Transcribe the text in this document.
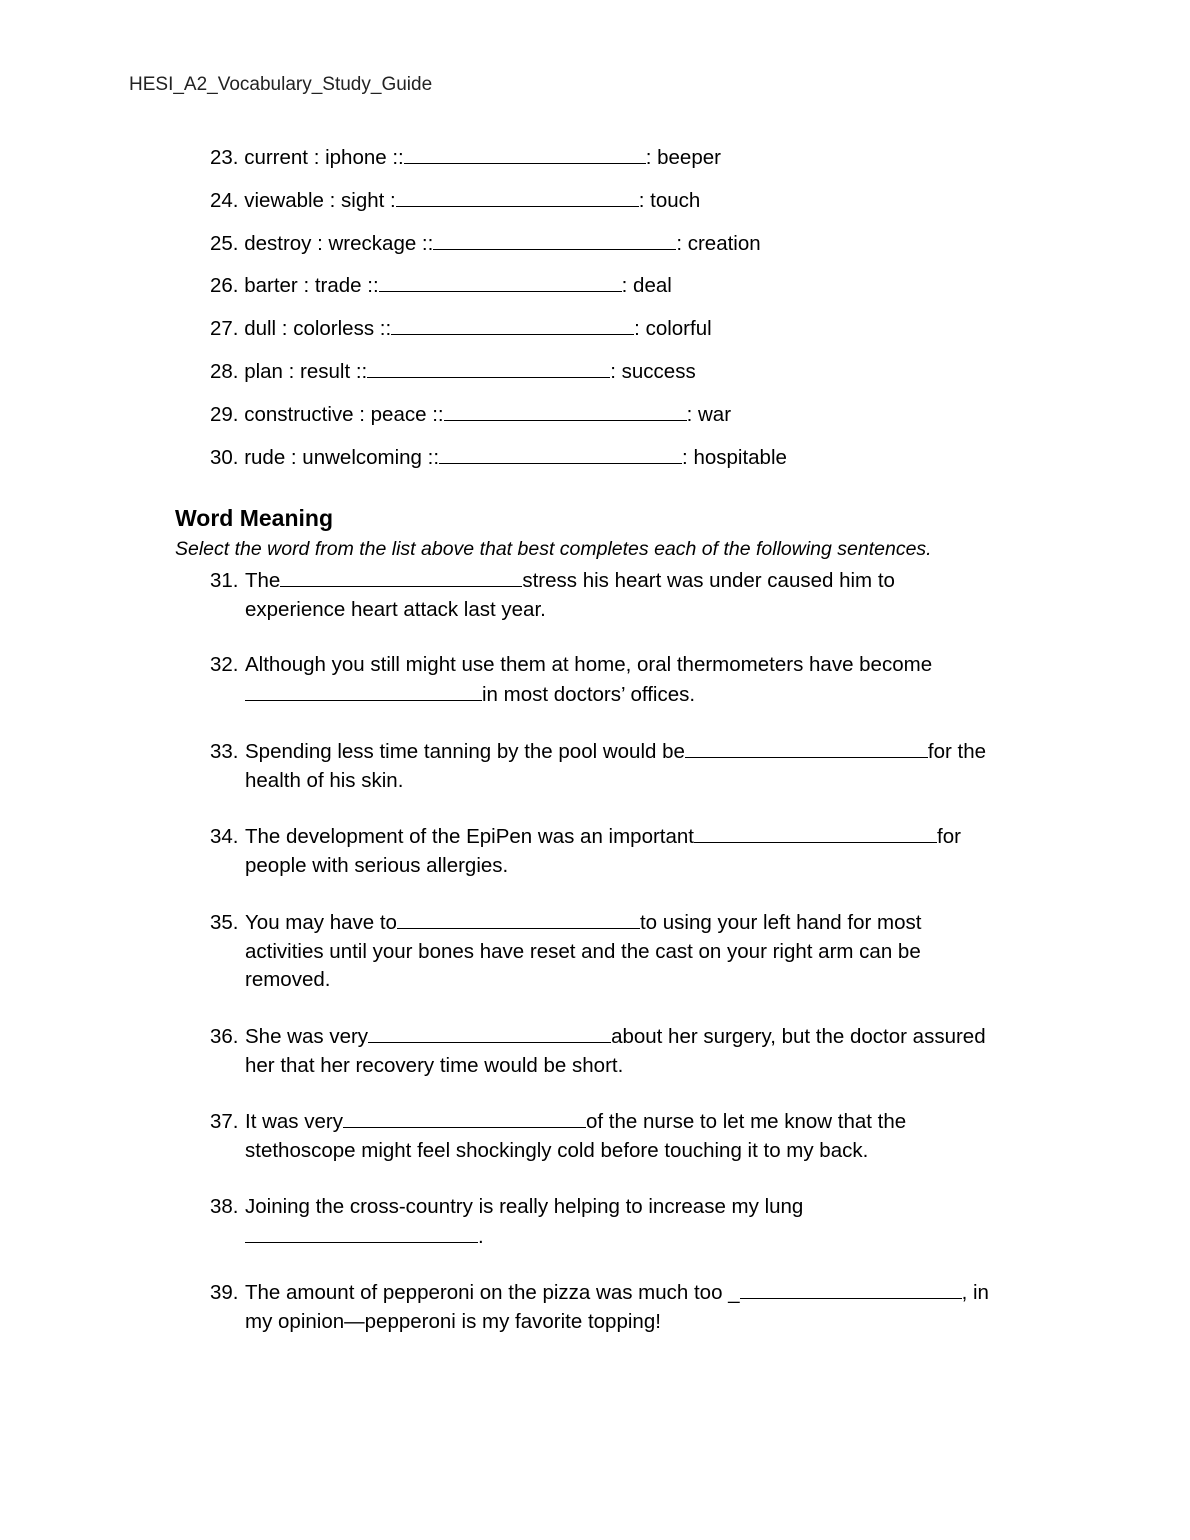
HESI_A2_Vocabulary_Study_Guide
23. current : iphone ::	: beeper
24. viewable : sight :	: touch
25. destroy : wreckage ::	: creation
26. barter : trade ::	: deal
27. dull : colorless ::	: colorful
28. plan : result ::	: success
29. constructive : peace ::	: war
30. rude : unwelcoming ::	: hospitable
Word Meaning
Select the word from the list above that best completes each of the following sentences.
31. The	stress his heart was under caused him to
experience heart attack last year.
32. Although you still might use them at home, oral thermometers have become
in most doctors’ offices.
33. Spending less time tanning by the pool would be	for the
health of his skin.
34. The development of the EpiPen was an important	for
people with serious allergies.
35. You may have to	to using your left hand for most
activities until your bones have reset and the cast on your right arm can be
removed.
36. She was very	about her surgery, but the doctor assured
her that her recovery time would be short.
37. It was very	of the nurse to let me know that the
stethoscope might feel shockingly cold before touching it to my back.
38. Joining the cross-country is really helping to increase my lung
.
39. The amount of pepperoni on the pizza was much too _	, in
my opinion—pepperoni is my favorite topping!
